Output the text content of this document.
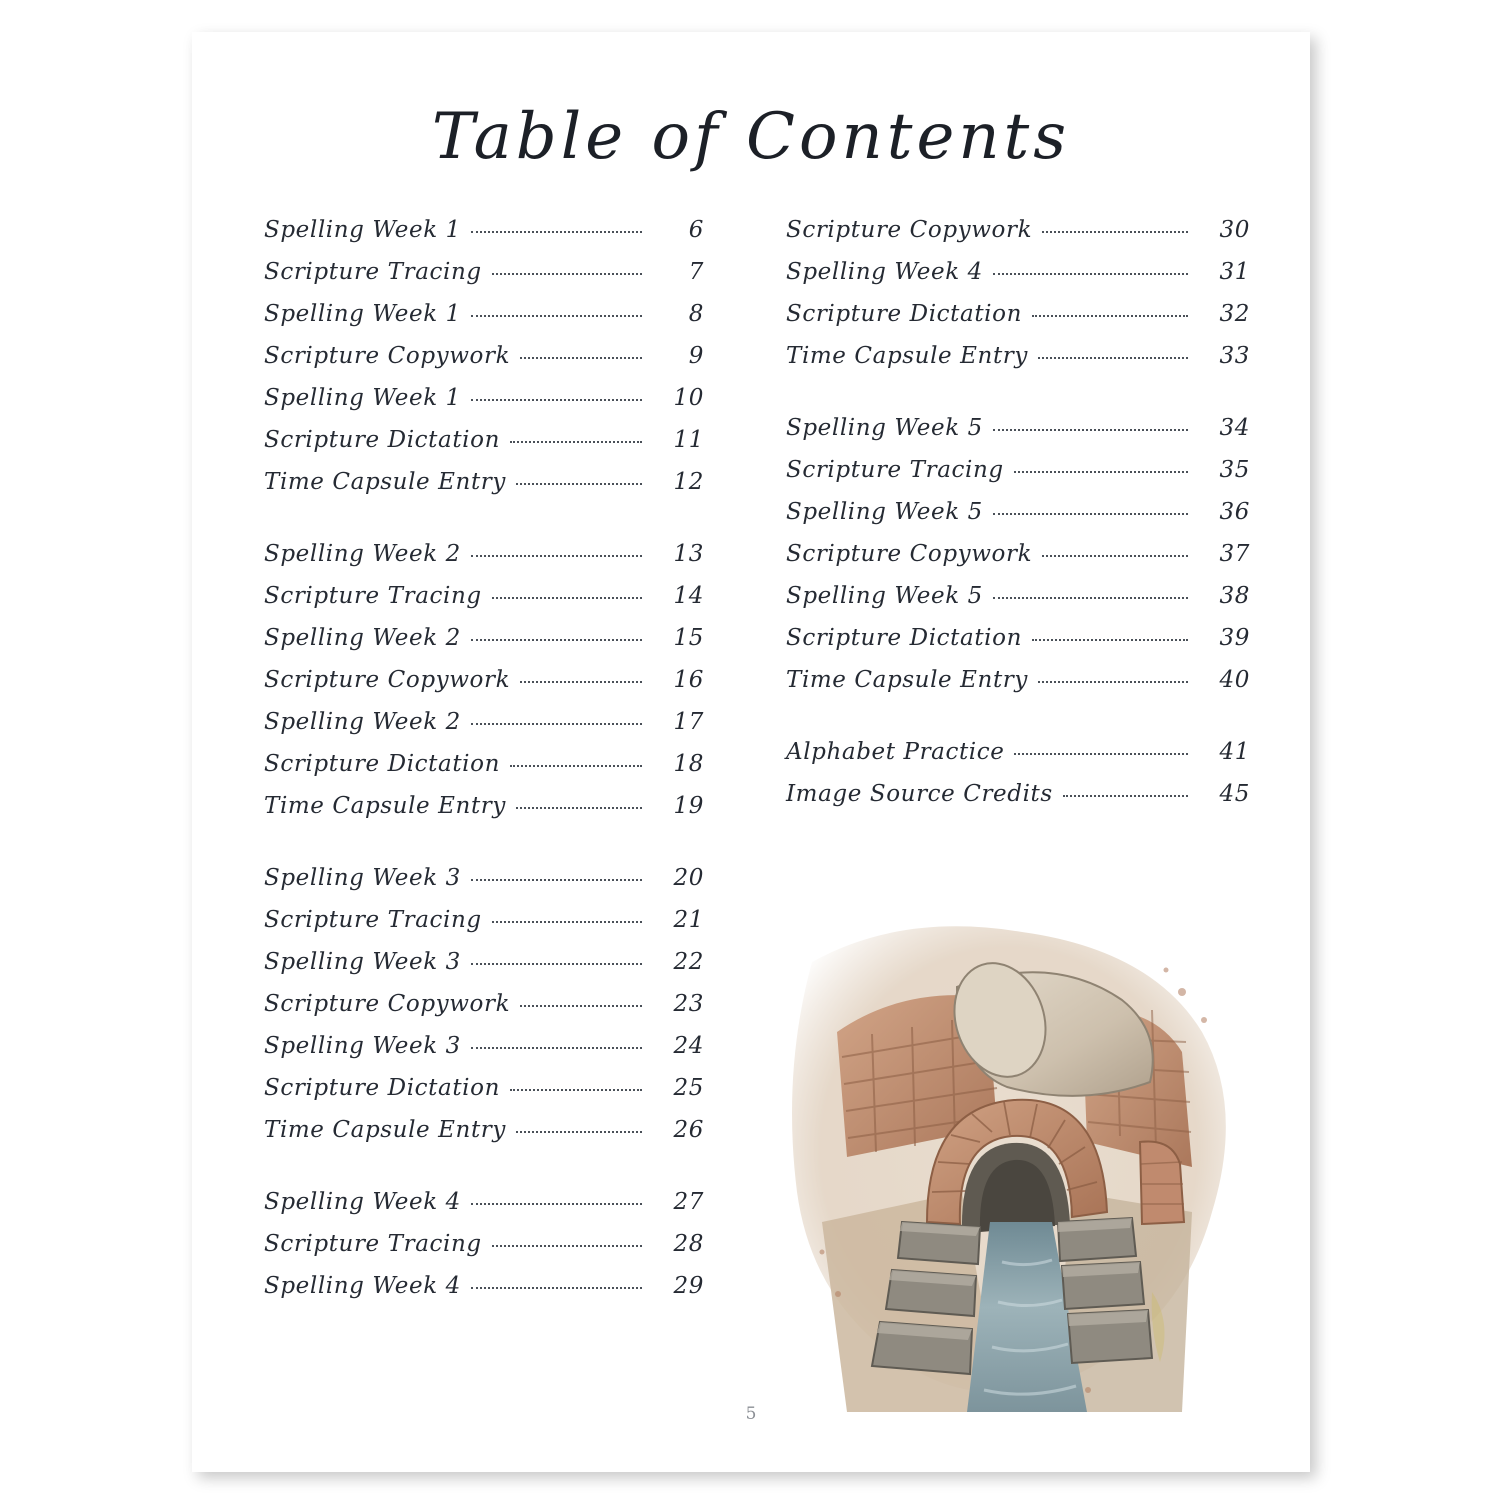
Table of Contents
Spelling Week 1	6
Scripture Tracing	7
Spelling Week 1	8
Scripture Copywork	9
Spelling Week 1	10
Scripture Dictation	11
Time Capsule Entry	12
Spelling Week 2	13
Scripture Tracing	14
Spelling Week 2	15
Scripture Copywork	16
Spelling Week 2	17
Scripture Dictation	18
Time Capsule Entry	19
Spelling Week 3	20
Scripture Tracing	21
Spelling Week 3	22
Scripture Copywork	23
Spelling Week 3	24
Scripture Dictation	25
Time Capsule Entry	26
Spelling Week 4	27
Scripture Tracing	28
Spelling Week 4	29
Scripture Copywork	30
Spelling Week 4	31
Scripture Dictation	32
Time Capsule Entry	33
Spelling Week 5	34
Scripture Tracing	35
Spelling Week 5	36
Scripture Copywork	37
Spelling Week 5	38
Scripture Dictation	39
Time Capsule Entry	40
Alphabet Practice	41
Image Source Credits	45
5
